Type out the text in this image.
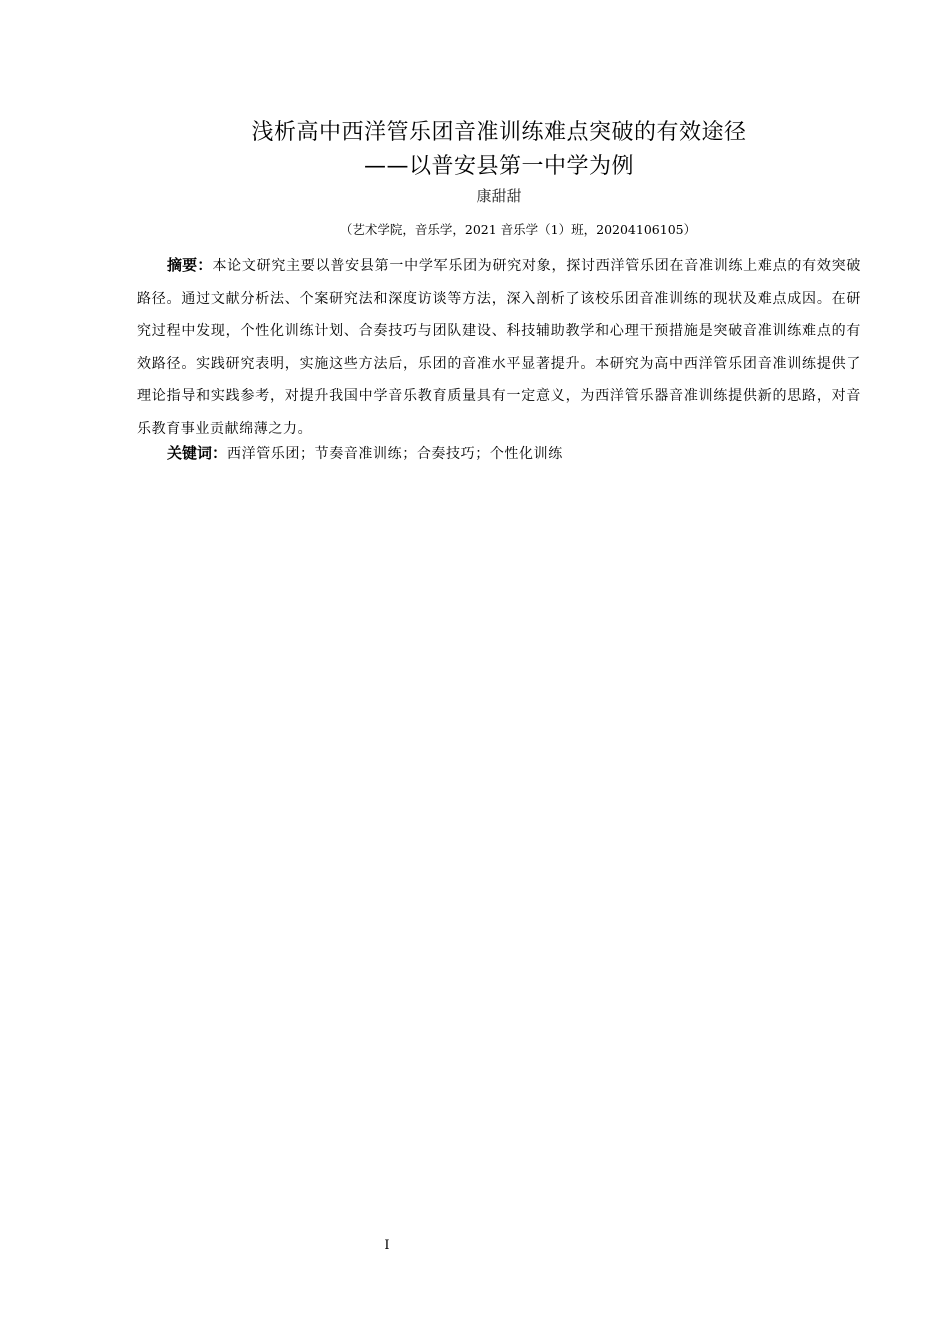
浅析高中西洋管乐团音准训练难点突破的有效途径
——以普安县第一中学为例
康甜甜
（艺术学院，音乐学，2021 音乐学（1）班，20204106105）
摘要：本论文研究主要以普安县第一中学军乐团为研究对象，探讨西洋管乐团在音准训练上难点的有效突破路径。通过文献分析法、个案研究法和深度访谈等方法，深入剖析了该校乐团音准训练的现状及难点成因。在研究过程中发现，个性化训练计划、合奏技巧与团队建设、科技辅助教学和心理干预措施是突破音准训练难点的有效路径。实践研究表明，实施这些方法后，乐团的音准水平显著提升。本研究为高中西洋管乐团音准训练提供了理论指导和实践参考，对提升我国中学音乐教育质量具有一定意义，为西洋管乐器音准训练提供新的思路，对音乐教育事业贡献绵薄之力。
关键词：西洋管乐团；节奏音准训练；合奏技巧；个性化训练
I
